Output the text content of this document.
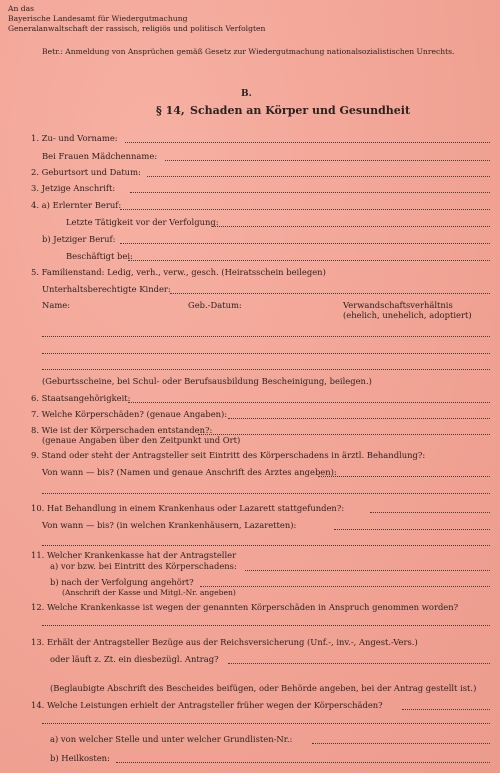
An das
Bayerische Landesamt für Wiedergutmachung
Generalanwaltschaft der rassisch, religiös und politisch Verfolgten
Betr.: Anmeldung von Ansprüchen gemäß Gesetz zur Wiedergutmachung nationalsozialistischen Unrechts.
B.
§ 14, Schaden an Körper und Gesundheit
1. Zu- und Vorname:
Bei Frauen Mädchenname:
2. Geburtsort und Datum:
3. Jetzige Anschrift:
4. a) Erlernter Beruf:
Letzte Tätigkeit vor der Verfolgung:
b) Jetziger Beruf:
Beschäftigt bei:
5. Familienstand: Ledig, verh., verw., gesch. (Heiratsschein beilegen)
Unterhaltsberechtigte Kinder:
Name:	Geb.-Datum:	Verwandschaftsverhältnis
(ehelich, unehelich, adoptiert)
(Geburtsscheine, bei Schul- oder Berufsausbildung Bescheinigung, beilegen.)
6. Staatsangehörigkeit:
7. Welche Körperschäden? (genaue Angaben):
8. Wie ist der Körperschaden entstanden?:
(genaue Angaben über den Zeitpunkt und Ort)
9. Stand oder steht der Antragsteller seit Eintritt des Körperschadens in ärztl. Behandlung?:
Von wann — bis? (Namen und genaue Anschrift des Arztes angeben):
10. Hat Behandlung in einem Krankenhaus oder Lazarett stattgefunden?:
Von wann — bis? (in welchen Krankenhäusern, Lazaretten):
11. Welcher Krankenkasse hat der Antragsteller
a) vor bzw. bei Eintritt des Körperschadens:
b) nach der Verfolgung angehört?
(Anschrift der Kasse und Mitgl.-Nr. angeben)
12. Welche Krankenkasse ist wegen der genannten Körperschäden in Anspruch genommen worden?
13. Erhält der Antragsteller Bezüge aus der Reichsversicherung (Unf.-, inv.-, Angest.-Vers.)
oder läuft z. Zt. ein diesbezügl. Antrag?
(Beglaubigte Abschrift des Bescheides beifügen, oder Behörde angeben, bei der Antrag gestellt ist.)
14. Welche Leistungen erhielt der Antragsteller früher wegen der Körperschäden?
a) von welcher Stelle und unter welcher Grundlisten-Nr.:
b) Heilkosten:
